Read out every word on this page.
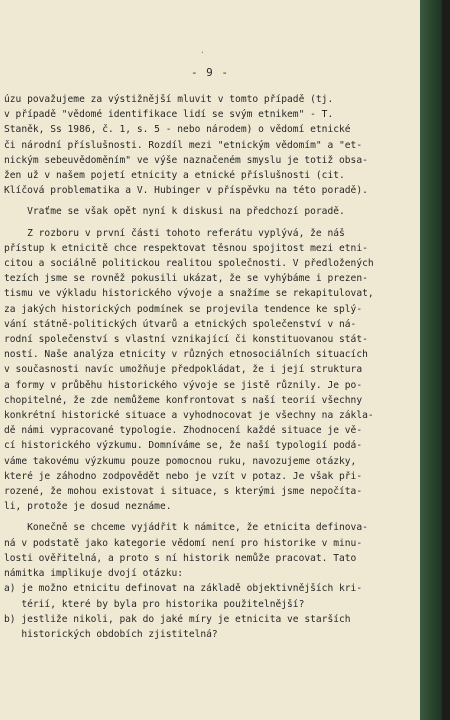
·
- 9 -
úzu považujeme za výstižnější mluvit v tomto případě (tj.
v případě "vědomé identifikace lidí se svým etnikem" - T.
Staněk, Ss 1986, č. 1, s. 5 - nebo národem) o vědomí etnické
či národní příslušnosti. Rozdíl mezi "etnickým vědomím" a "et-
nickým sebeuvědoměním" ve výše naznačeném smyslu je totiž obsa-
žen už v našem pojetí etnicity a etnické příslušnosti (cit.
Klíčová problematika a V. Hubinger v příspěvku na této poradě).
Vraťme se však opět nyní k diskusi na předchozí poradě.
Z rozboru v první části tohoto referátu vyplývá, že náš
přístup k etnicitě chce respektovat těsnou spojitost mezi etni-
citou a sociálně politickou realitou společnosti. V předložených
tezích jsme se rovněž pokusili ukázat, že se vyhýbáme i prezen-
tismu ve výkladu historického vývoje a snažíme se rekapitulovat,
za jakých historických podmínek se projevila tendence ke splý-
vání státně-politických útvarů a etnických společenství v ná-
rodní společenství s vlastní vznikající či konstituovanou stát-
ností. Naše analýza etnicity v různých etnosociálních situacích
v současnosti navíc umožňuje předpokládat, že i její struktura
a formy v průběhu historického vývoje se jistě různily. Je po-
chopitelné, že zde nemůžeme konfrontovat s naší teorií všechny
konkrétní historické situace a vyhodnocovat je všechny na zákla-
dě námi vypracované typologie. Zhodnocení každé situace je vě-
cí historického výzkumu. Domníváme se, že naší typologií podá-
váme takovému výzkumu pouze pomocnou ruku, navozujeme otázky,
které je záhodno zodpovědět nebo je vzít v potaz. Je však při-
rozené, že mohou existovat i situace, s kterými jsme nepočíta-
li, protože je dosud neznáme.
Konečně se chceme vyjádřit k námitce, že etnicita definova-
ná v podstatě jako kategorie vědomí není pro historike v minu-
losti ověřitelná, a proto s ní historik nemůže pracovat. Tato
námitka implikuje dvojí otázku:
a) je možno etnicitu definovat na základě objektivnějších kri-
térií, které by byla pro historika použitelnější?
b) jestliže nikoli, pak do jaké míry je etnicita ve starších
historických obdobích zjistitelná?
